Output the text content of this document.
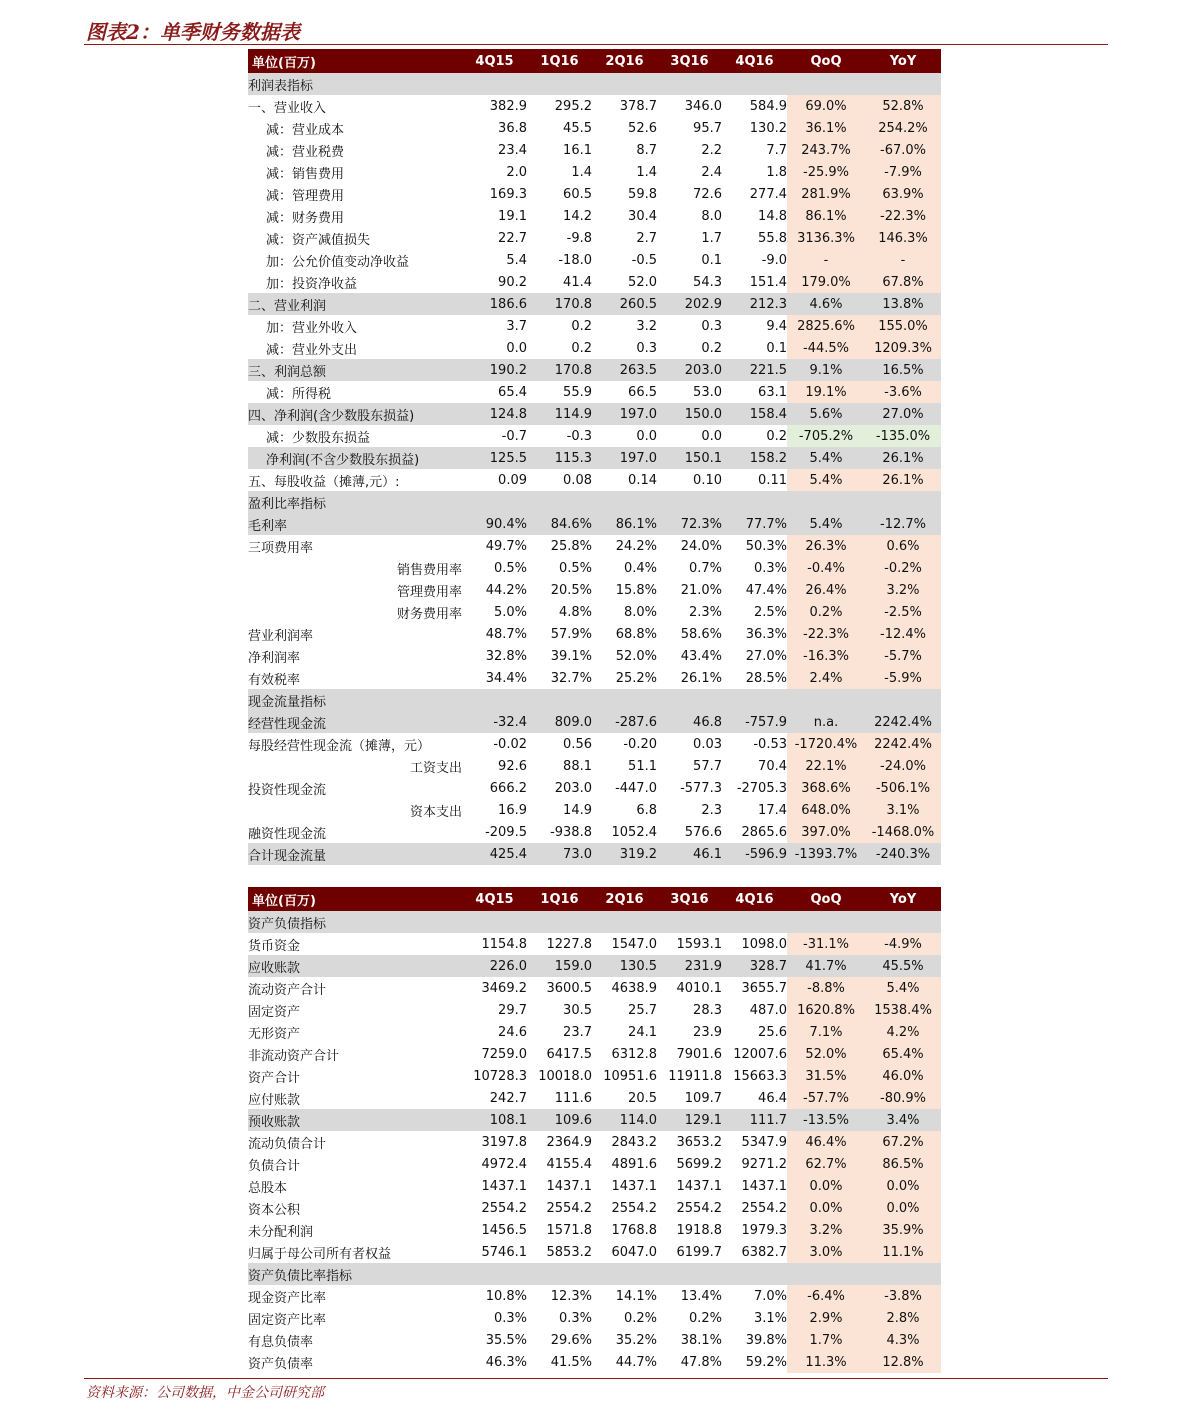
图表2：单季财务数据表
单位(百万)	4Q15	1Q16	2Q16	3Q16	4Q16	QoQ	YoY
利润表指标							
一、营业收入	382.9	295.2	378.7	346.0	584.9	69.0%	52.8%
减：营业成本	36.8	45.5	52.6	95.7	130.2	36.1%	254.2%
减：营业税费	23.4	16.1	8.7	2.2	7.7	243.7%	-67.0%
减：销售费用	2.0	1.4	1.4	2.4	1.8	-25.9%	-7.9%
减：管理费用	169.3	60.5	59.8	72.6	277.4	281.9%	63.9%
减：财务费用	19.1	14.2	30.4	8.0	14.8	86.1%	-22.3%
减：资产减值损失	22.7	-9.8	2.7	1.7	55.8	3136.3%	146.3%
加：公允价值变动净收益	5.4	-18.0	-0.5	0.1	-9.0	-	-
加：投资净收益	90.2	41.4	52.0	54.3	151.4	179.0%	67.8%
二、营业利润	186.6	170.8	260.5	202.9	212.3	4.6%	13.8%
加：营业外收入	3.7	0.2	3.2	0.3	9.4	2825.6%	155.0%
减：营业外支出	0.0	0.2	0.3	0.2	0.1	-44.5%	1209.3%
三、利润总额	190.2	170.8	263.5	203.0	221.5	9.1%	16.5%
减：所得税	65.4	55.9	66.5	53.0	63.1	19.1%	-3.6%
四、净利润(含少数股东损益)	124.8	114.9	197.0	150.0	158.4	5.6%	27.0%
减：少数股东损益	-0.7	-0.3	0.0	0.0	0.2	-705.2%	-135.0%
净利润(不含少数股东损益)	125.5	115.3	197.0	150.1	158.2	5.4%	26.1%
五、每股收益（摊薄,元）:	0.09	0.08	0.14	0.10	0.11	5.4%	26.1%
盈利比率指标							
毛利率	90.4%	84.6%	86.1%	72.3%	77.7%	5.4%	-12.7%
三项费用率	49.7%	25.8%	24.2%	24.0%	50.3%	26.3%	0.6%
销售费用率	0.5%	0.5%	0.4%	0.7%	0.3%	-0.4%	-0.2%
管理费用率	44.2%	20.5%	15.8%	21.0%	47.4%	26.4%	3.2%
财务费用率	5.0%	4.8%	8.0%	2.3%	2.5%	0.2%	-2.5%
营业利润率	48.7%	57.9%	68.8%	58.6%	36.3%	-22.3%	-12.4%
净利润率	32.8%	39.1%	52.0%	43.4%	27.0%	-16.3%	-5.7%
有效税率	34.4%	32.7%	25.2%	26.1%	28.5%	2.4%	-5.9%
现金流量指标							
经营性现金流	-32.4	809.0	-287.6	46.8	-757.9	n.a.	2242.4%
每股经营性现金流（摊薄，元）	-0.02	0.56	-0.20	0.03	-0.53	-1720.4%	2242.4%
工资支出	92.6	88.1	51.1	57.7	70.4	22.1%	-24.0%
投资性现金流	666.2	203.0	-447.0	-577.3	-2705.3	368.6%	-506.1%
资本支出	16.9	14.9	6.8	2.3	17.4	648.0%	3.1%
融资性现金流	-209.5	-938.8	1052.4	576.6	2865.6	397.0%	-1468.0%
合计现金流量	425.4	73.0	319.2	46.1	-596.9	-1393.7%	-240.3%
单位(百万)	4Q15	1Q16	2Q16	3Q16	4Q16	QoQ	YoY
资产负债指标							
货币资金	1154.8	1227.8	1547.0	1593.1	1098.0	-31.1%	-4.9%
应收账款	226.0	159.0	130.5	231.9	328.7	41.7%	45.5%
流动资产合计	3469.2	3600.5	4638.9	4010.1	3655.7	-8.8%	5.4%
固定资产	29.7	30.5	25.7	28.3	487.0	1620.8%	1538.4%
无形资产	24.6	23.7	24.1	23.9	25.6	7.1%	4.2%
非流动资产合计	7259.0	6417.5	6312.8	7901.6	12007.6	52.0%	65.4%
资产合计	10728.3	10018.0	10951.6	11911.8	15663.3	31.5%	46.0%
应付账款	242.7	111.6	20.5	109.7	46.4	-57.7%	-80.9%
预收账款	108.1	109.6	114.0	129.1	111.7	-13.5%	3.4%
流动负债合计	3197.8	2364.9	2843.2	3653.2	5347.9	46.4%	67.2%
负债合计	4972.4	4155.4	4891.6	5699.2	9271.2	62.7%	86.5%
总股本	1437.1	1437.1	1437.1	1437.1	1437.1	0.0%	0.0%
资本公积	2554.2	2554.2	2554.2	2554.2	2554.2	0.0%	0.0%
未分配利润	1456.5	1571.8	1768.8	1918.8	1979.3	3.2%	35.9%
归属于母公司所有者权益	5746.1	5853.2	6047.0	6199.7	6382.7	3.0%	11.1%
资产负债比率指标							
现金资产比率	10.8%	12.3%	14.1%	13.4%	7.0%	-6.4%	-3.8%
固定资产比率	0.3%	0.3%	0.2%	0.2%	3.1%	2.9%	2.8%
有息负债率	35.5%	29.6%	35.2%	38.1%	39.8%	1.7%	4.3%
资产负债率	46.3%	41.5%	44.7%	47.8%	59.2%	11.3%	12.8%
资料来源：公司数据，中金公司研究部
